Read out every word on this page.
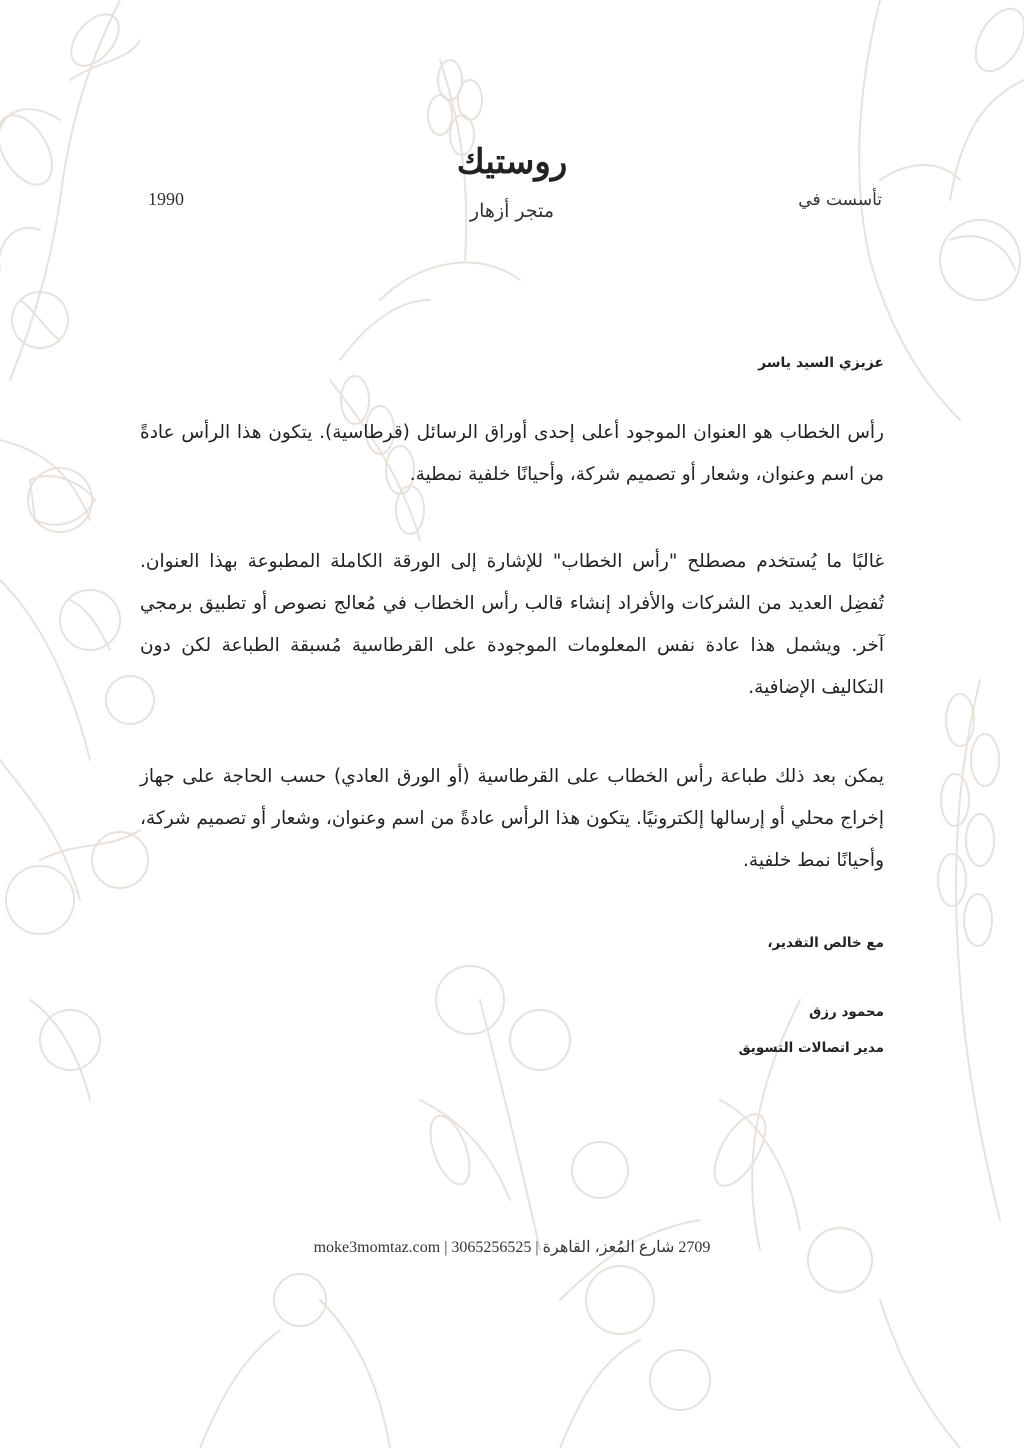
روستيك
متجر أزهار	تأسست في
1990
عزيزي السيد ياسر
رأس الخطاب هو العنوان الموجود أعلى إحدى أوراق الرسائل (قرطاسية). يتكون هذا الرأس عادةً من اسم وعنوان، وشعار أو تصميم شركة، وأحيانًا خلفية نمطية.
غالبًا ما يُستخدم مصطلح "رأس الخطاب" للإشارة إلى الورقة الكاملة المطبوعة بهذا العنوان. تُفضِل العديد من الشركات والأفراد إنشاء قالب رأس الخطاب في مُعالج نصوص أو تطبيق برمجي آخر. ويشمل هذا عادة نفس المعلومات الموجودة على القرطاسية مُسبقة الطباعة لكن دون التكاليف الإضافية.
يمكن بعد ذلك طباعة رأس الخطاب على القرطاسية (أو الورق العادي) حسب الحاجة على جهاز إخراج محلي أو إرسالها إلكترونيًا. يتكون هذا الرأس عادةً من اسم وعنوان، وشعار أو تصميم شركة، وأحيانًا نمط خلفية.
مع خالص التقدير،
محمود رزق
مدير اتصالات التسويق
moke3momtaz.com | 3065256525 | 2709 شارع المُعز، القاهرة
